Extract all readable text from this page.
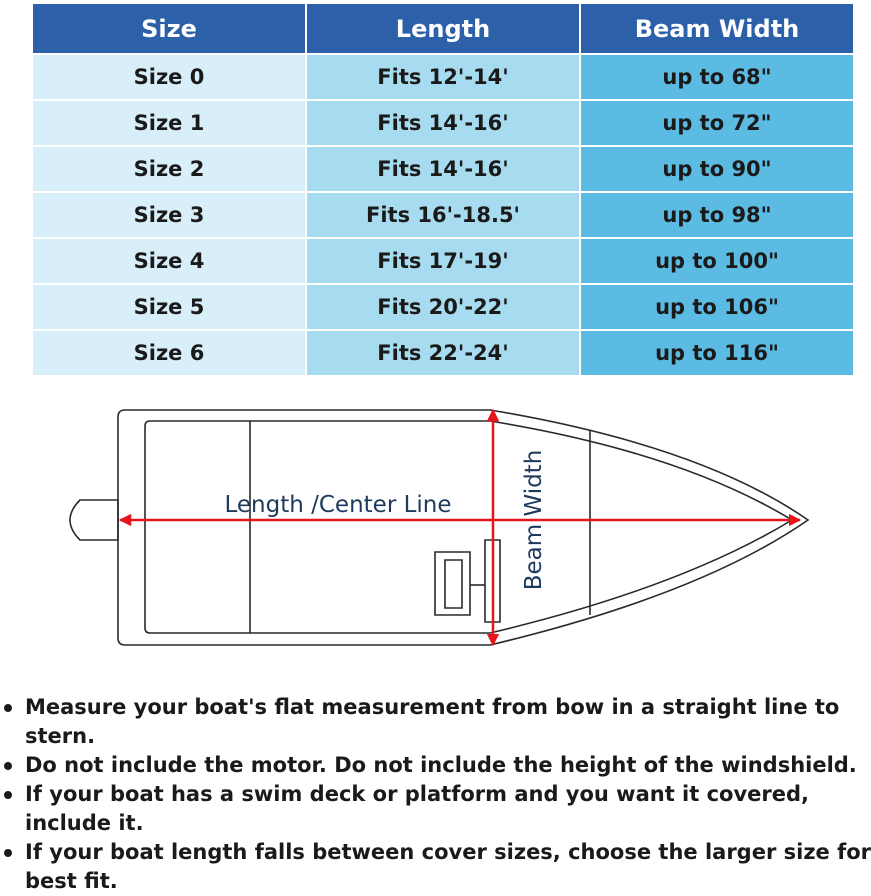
Size	Length	Beam Width
Size 0	Fits 12'-14'	up to 68"
Size 1	Fits 14'-16'	up to 72"
Size 2	Fits 14'-16'	up to 90"
Size 3	Fits 16'-18.5'	up to 98"
Size 4	Fits 17'-19'	up to 100"
Size 5	Fits 20'-22'	up to 106"
Size 6	Fits 22'-24'	up to 116"
Length /Center Line	Beam Width
Measure your boat's flat measurement from bow in a straight line to stern.
Do not include the motor. Do not include the height of the windshield.
If your boat has a swim deck or platform and you want it covered, include it.
If your boat length falls between cover sizes, choose the larger size for best fit.
